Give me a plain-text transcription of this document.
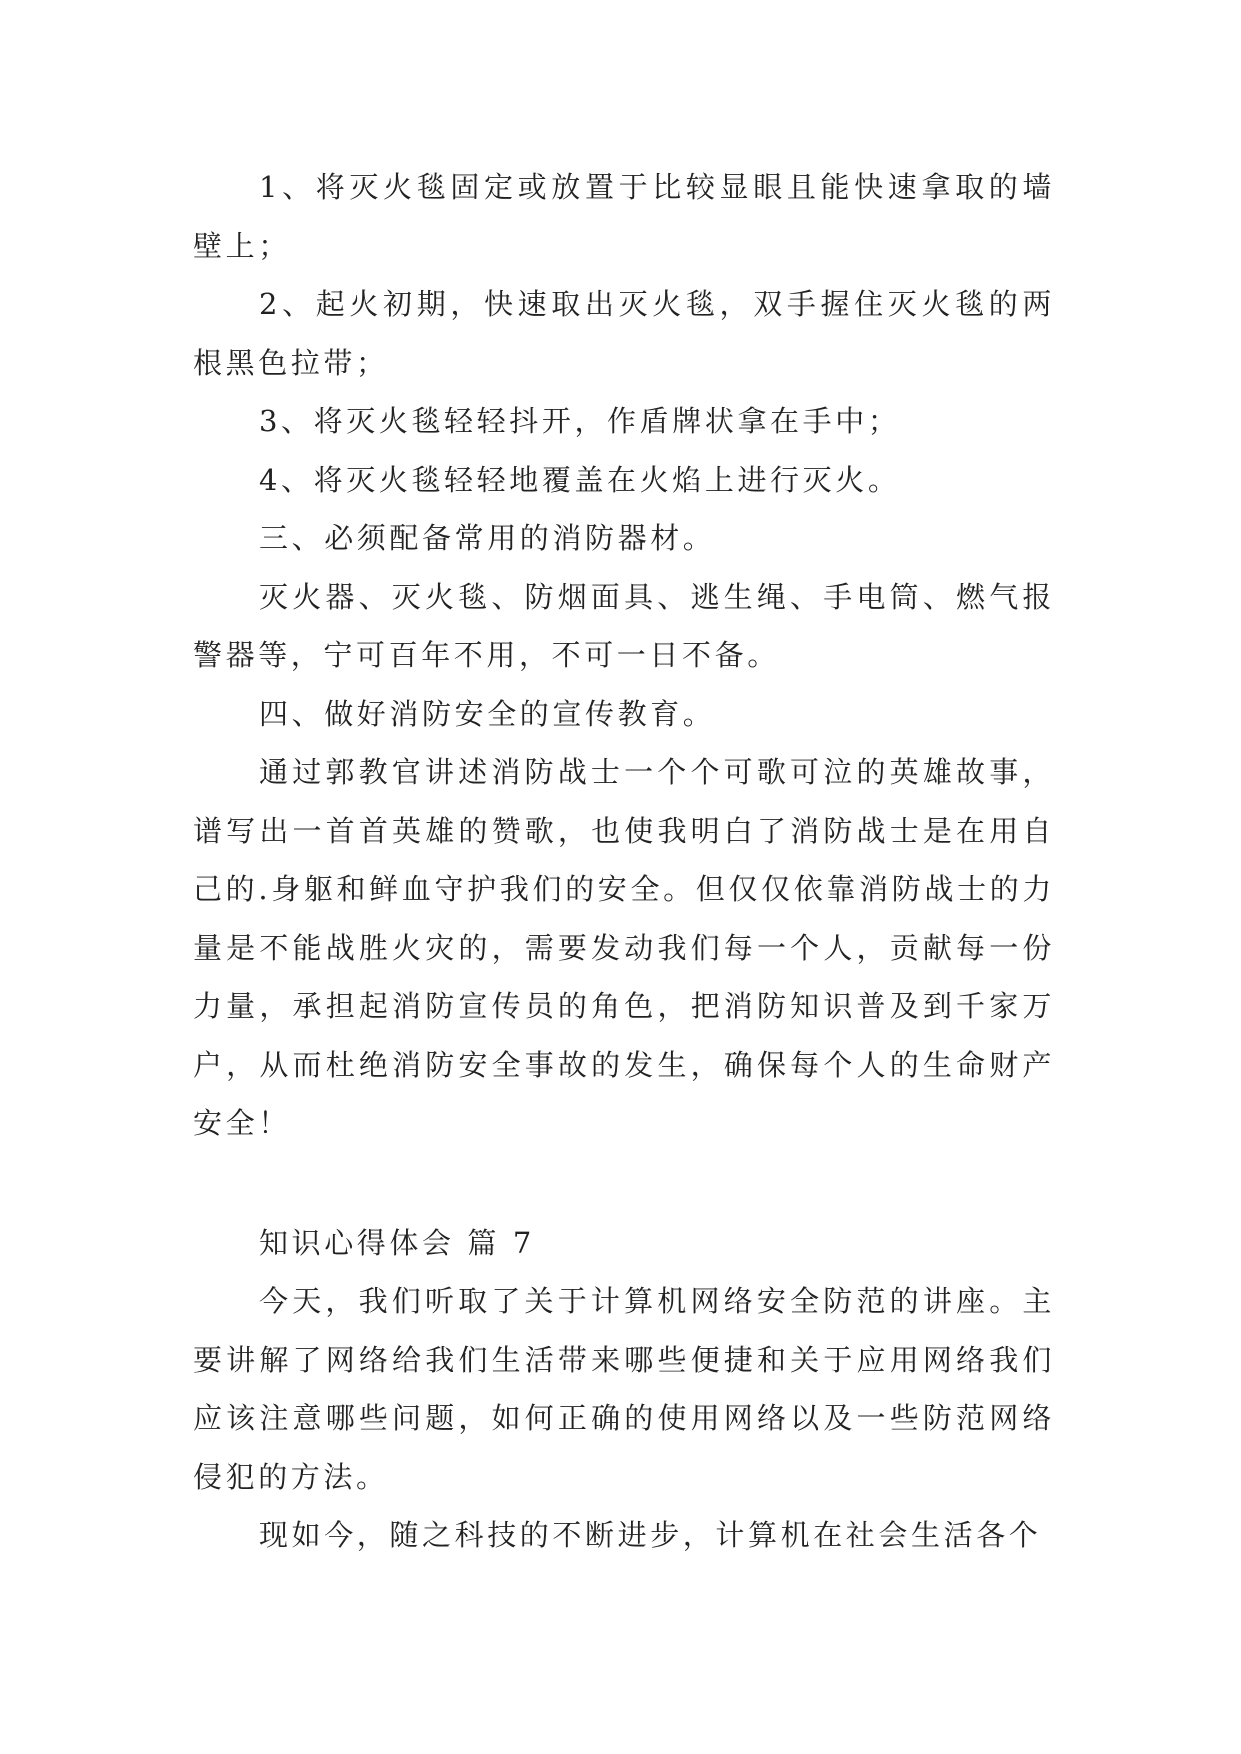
1、将灭火毯固定或放置于比较显眼且能快速拿取的墙壁上；

2、起火初期，快速取出灭火毯，双手握住灭火毯的两根黑色拉带；

3、将灭火毯轻轻抖开，作盾牌状拿在手中；

4、将灭火毯轻轻地覆盖在火焰上进行灭火。

三、必须配备常用的消防器材。

灭火器、灭火毯、防烟面具、逃生绳、手电筒、燃气报警器等，宁可百年不用，不可一日不备。

四、做好消防安全的宣传教育。

通过郭教官讲述消防战士一个个可歌可泣的英雄故事，谱写出一首首英雄的赞歌，也使我明白了消防战士是在用自己的.身躯和鲜血守护我们的安全。但仅仅依靠消防战士的力量是不能战胜火灾的，需要发动我们每一个人，贡献每一份力量，承担起消防宣传员的角色，把消防知识普及到千家万户，从而杜绝消防安全事故的发生，确保每个人的生命财产安全！

知识心得体会 篇 7

今天，我们听取了关于计算机网络安全防范的讲座。主要讲解了网络给我们生活带来哪些便捷和关于应用网络我们应该注意哪些问题，如何正确的使用网络以及一些防范网络侵犯的方法。

现如今，随之科技的不断进步，计算机在社会生活各个
